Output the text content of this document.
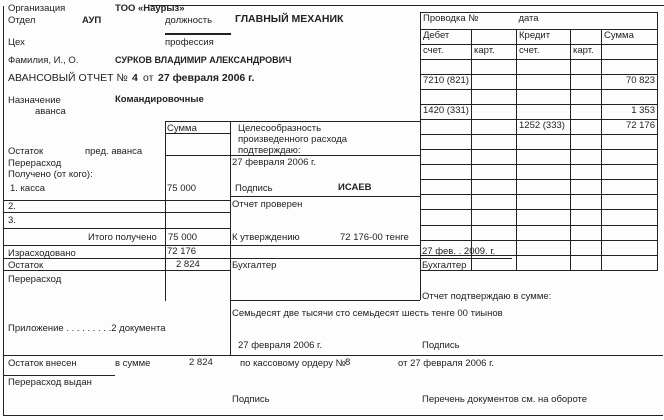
Организация	ТОО «Наурыз»
Отдел	АУП	должность ГЛАВНЫЙ МЕХАНИК
Цех	профессия
Фамилия, И., О.	СУРКОВ ВЛАДИМИР АЛЕКСАНДРОВИЧ
АВАНСОВЫЙ ОТЧЕТ № 4 от 27 февраля 2006 г.
Назначение
аванса
Командировочные
Проводка № дата				
Дебет		Кредит		Сумма
счет.	карт.	счет.	карт.	

7210 (821)				70 823

1420 (331)				1 353
		1252 (333)		72 176

Сумма
Остаток	пред. аванса
Перерасход
Получено (от кого):
1. касса	75 000
2.
3.
Итого получено 75 000
Израсходовано	72 176
Остаток	2 824
Перерасход
Приложение . . . . . . . . .2 документа
Целесообразность
произведенного расхода
подтверждаю:
27 февраля 2006 г.
Подпись	ИСАЕВ
Отчет проверен
К утверждению	72 176-00 тенге
27 фев. . 2009. г.
Бухгалтер	Бухгалтер
Отчет подтверждаю в сумме:
Семьдесят две тысячи сто семьдесят шесть тенге 00 тиынов
27 февраля 2006 г.	Подпись
Остаток внесен	в сумме	2 824	по кассовому ордеру № 8	от 27 февраля 2006 г.
Перерасход выдан
Подпись	Перечень документов см. на обороте
